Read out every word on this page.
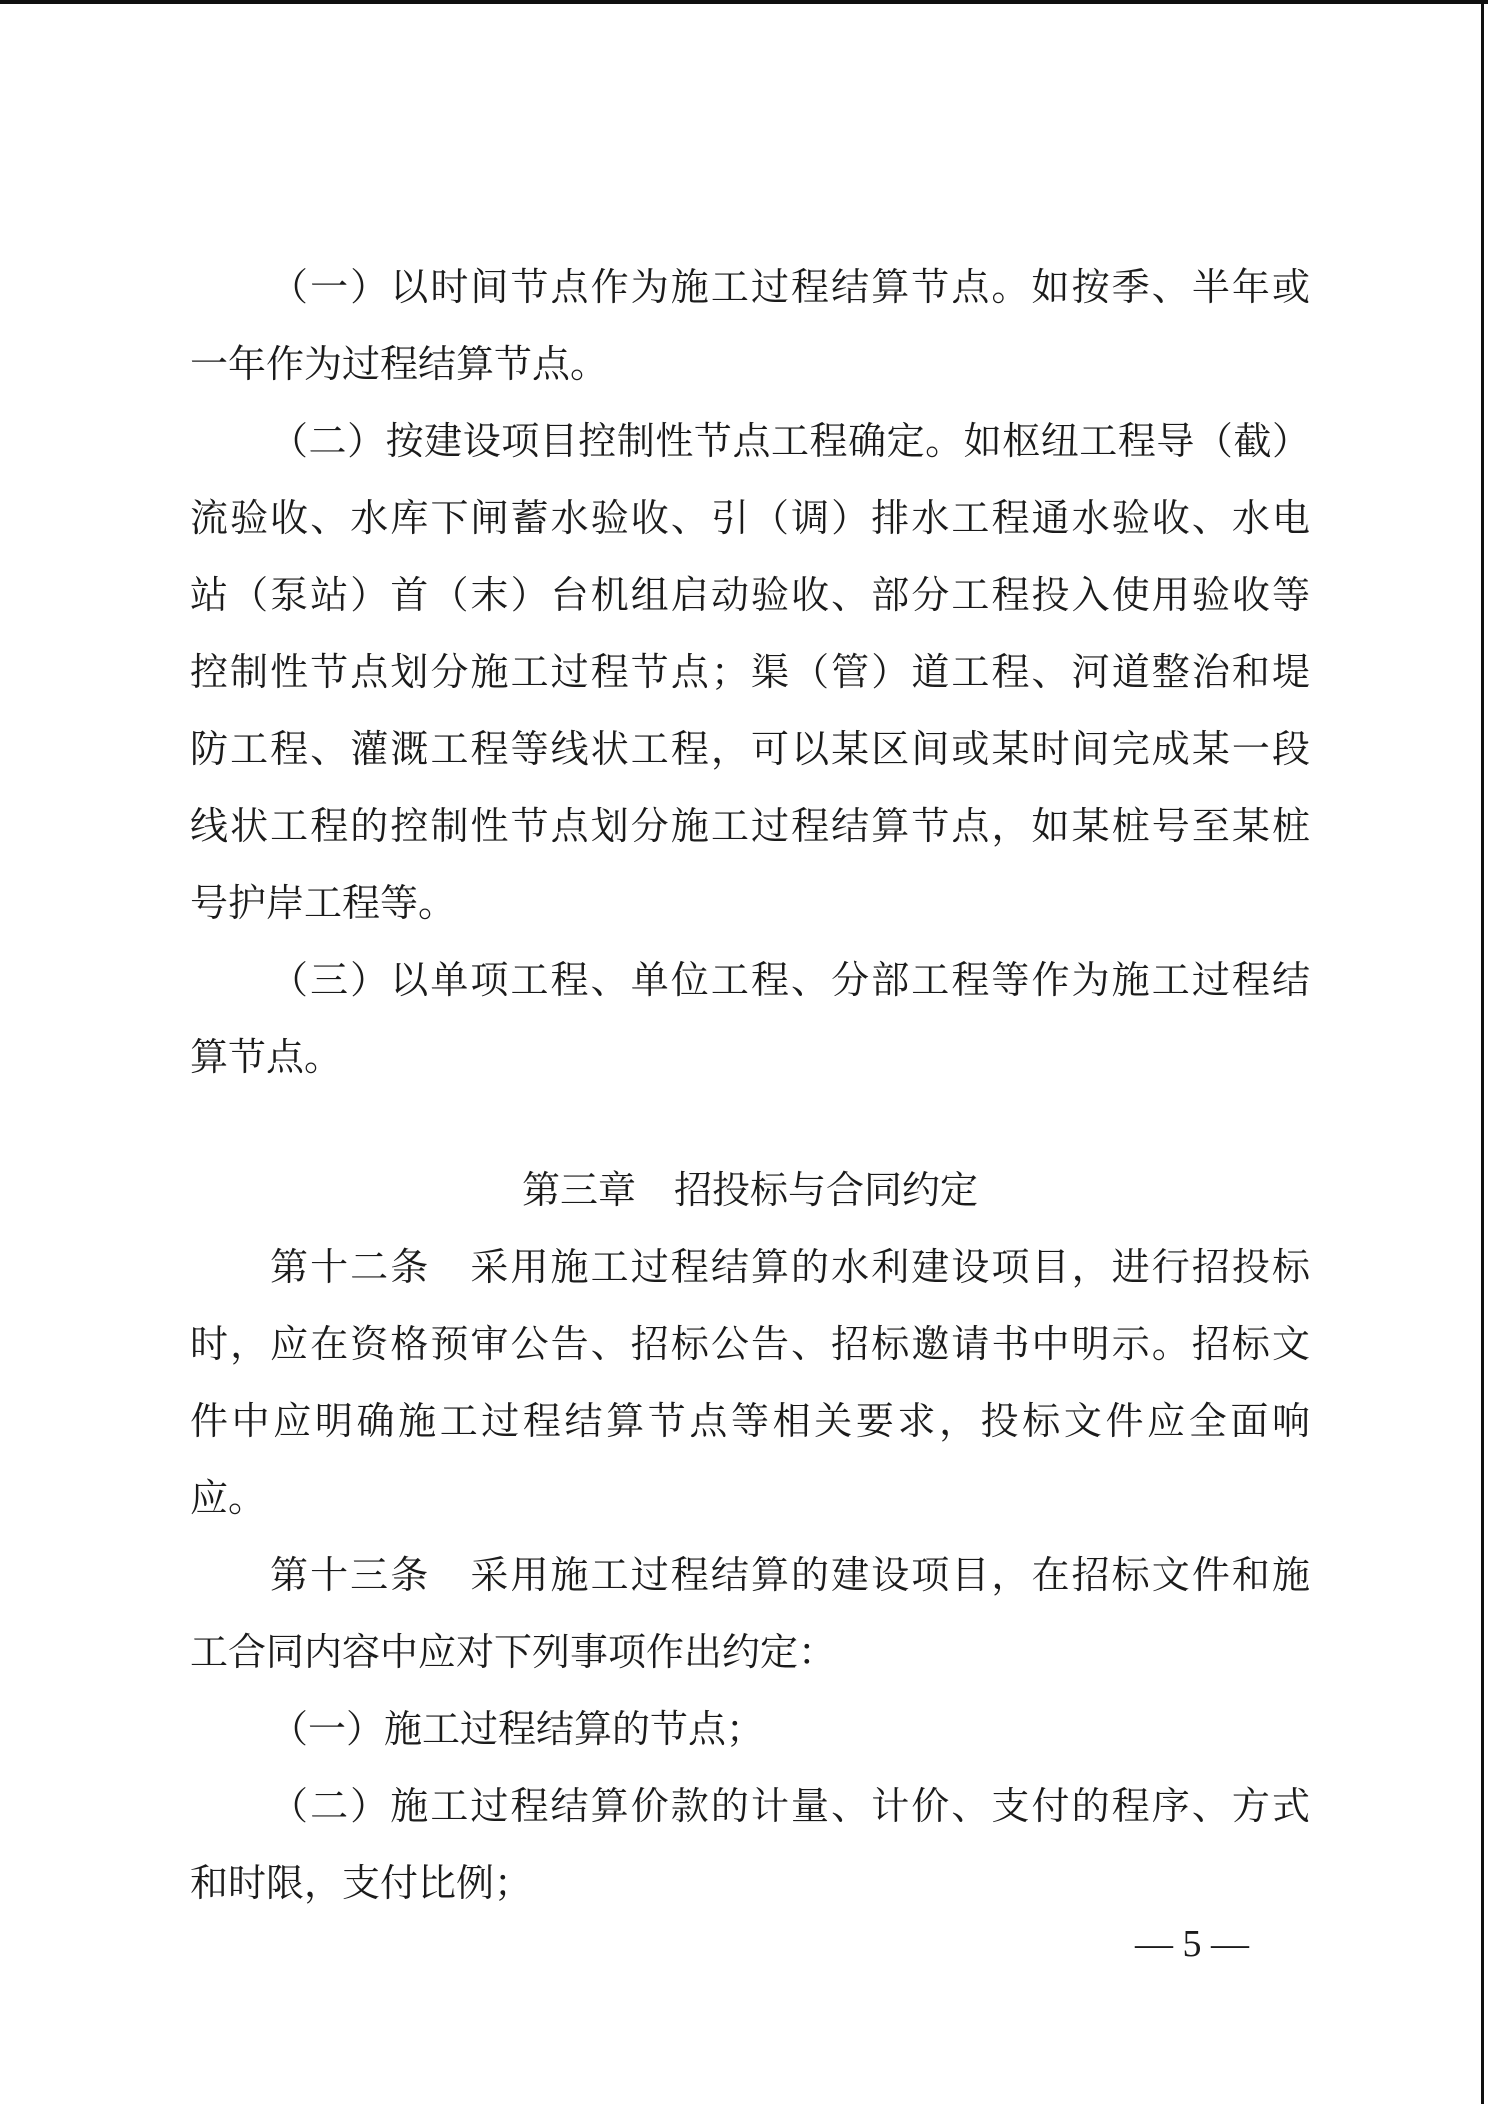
（一）以时间节点作为施工过程结算节点。如按季、半年或
一年作为过程结算节点。

（二）按建设项目控制性节点工程确定。如枢纽工程导（截）
流验收、水库下闸蓄水验收、引（调）排水工程通水验收、水电
站（泵站）首（末）台机组启动验收、部分工程投入使用验收等
控制性节点划分施工过程节点；渠（管）道工程、河道整治和堤
防工程、灌溉工程等线状工程，可以某区间或某时间完成某一段
线状工程的控制性节点划分施工过程结算节点，如某桩号至某桩
号护岸工程等。

（三）以单项工程、单位工程、分部工程等作为施工过程结
算节点。

第三章　招投标与合同约定

第十二条　采用施工过程结算的水利建设项目，进行招投标
时，应在资格预审公告、招标公告、招标邀请书中明示。招标文
件中应明确施工过程结算节点等相关要求，投标文件应全面响
应。

第十三条　采用施工过程结算的建设项目，在招标文件和施
工合同内容中应对下列事项作出约定：

（一）施工过程结算的节点；

（二）施工过程结算价款的计量、计价、支付的程序、方式
和时限，支付比例；

— 5 —
